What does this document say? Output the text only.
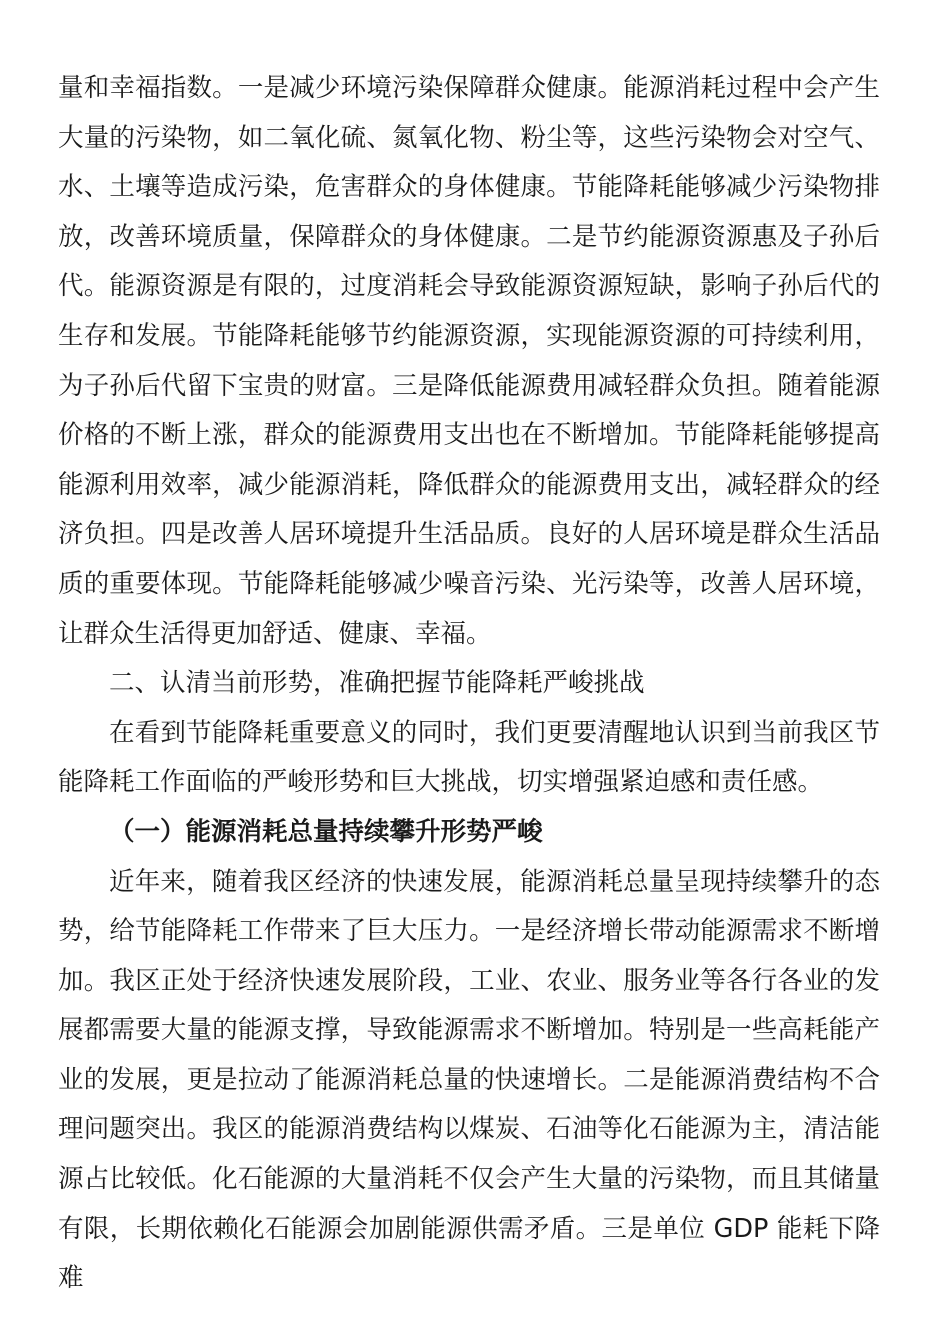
量和幸福指数。一是减少环境污染保障群众健康。能源消耗过程中会产生大量的污染物，如二氧化硫、氮氧化物、粉尘等，这些污染物会对空气、水、土壤等造成污染，危害群众的身体健康。节能降耗能够减少污染物排放，改善环境质量，保障群众的身体健康。二是节约能源资源惠及子孙后代。能源资源是有限的，过度消耗会导致能源资源短缺，影响子孙后代的生存和发展。节能降耗能够节约能源资源，实现能源资源的可持续利用，为子孙后代留下宝贵的财富。三是降低能源费用减轻群众负担。随着能源价格的不断上涨，群众的能源费用支出也在不断增加。节能降耗能够提高能源利用效率，减少能源消耗，降低群众的能源费用支出，减轻群众的经济负担。四是改善人居环境提升生活品质。良好的人居环境是群众生活品质的重要体现。节能降耗能够减少噪音污染、光污染等，改善人居环境，让群众生活得更加舒适、健康、幸福。

二、认清当前形势，准确把握节能降耗严峻挑战

在看到节能降耗重要意义的同时，我们更要清醒地认识到当前我区节能降耗工作面临的严峻形势和巨大挑战，切实增强紧迫感和责任感。

（一）能源消耗总量持续攀升形势严峻

近年来，随着我区经济的快速发展，能源消耗总量呈现持续攀升的态势，给节能降耗工作带来了巨大压力。一是经济增长带动能源需求不断增加。我区正处于经济快速发展阶段，工业、农业、服务业等各行各业的发展都需要大量的能源支撑，导致能源需求不断增加。特别是一些高耗能产业的发展，更是拉动了能源消耗总量的快速增长。二是能源消费结构不合理问题突出。我区的能源消费结构以煤炭、石油等化石能源为主，清洁能源占比较低。化石能源的大量消耗不仅会产生大量的污染物，而且其储量有限，长期依赖化石能源会加剧能源供需矛盾。三是单位 GDP 能耗下降难
